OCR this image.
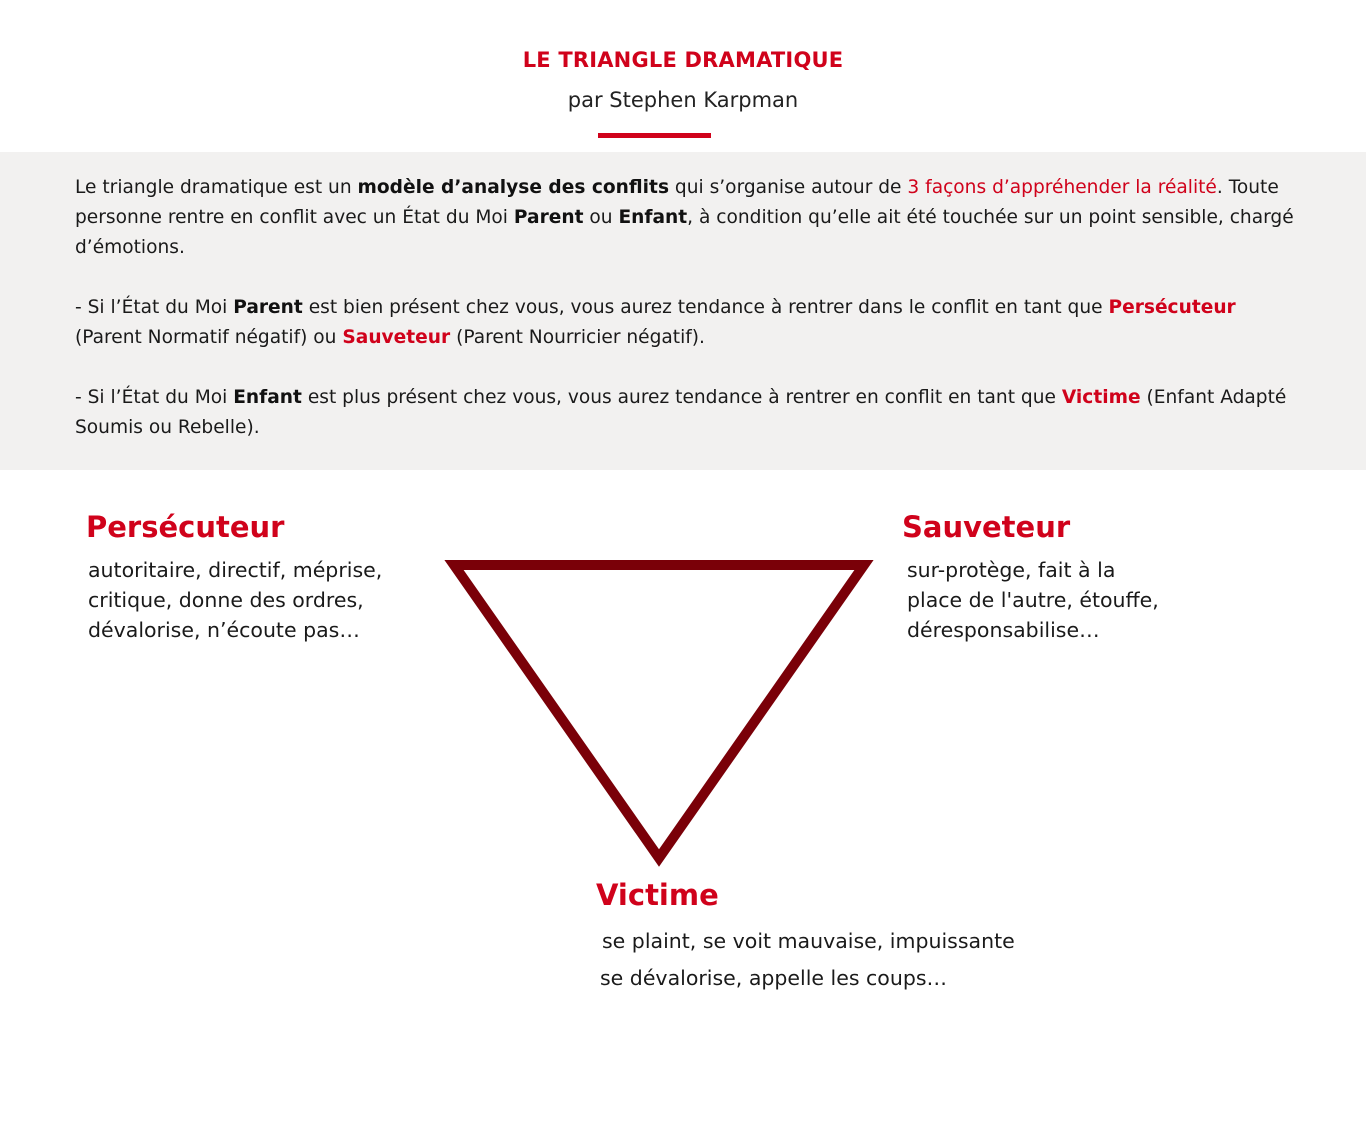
LE TRIANGLE DRAMATIQUE
par Stephen Karpman

Le triangle dramatique est un modèle d’analyse des conflits qui s’organise autour de 3 façons d’appréhender la réalité. Toute personne rentre en conflit avec un État du Moi Parent ou Enfant, à condition qu’elle ait été touchée sur un point sensible, chargé d’émotions.

- Si l’État du Moi Parent est bien présent chez vous, vous aurez tendance à rentrer dans le conflit en tant que Persécuteur (Parent Normatif négatif) ou Sauveteur (Parent Nourricier négatif).

- Si l’État du Moi Enfant est plus présent chez vous, vous aurez tendance à rentrer en conflit en tant que Victime (Enfant Adapté Soumis ou Rebelle).

Persécuteur
autoritaire, directif, méprise,
critique, donne des ordres,
dévalorise, n’écoute pas…
Sauveteur
sur-protège, fait à la
place de l'autre, étouffe,
déresponsabilise…
Victime
se plaint, se voit mauvaise, impuissante
se dévalorise, appelle les coups…
